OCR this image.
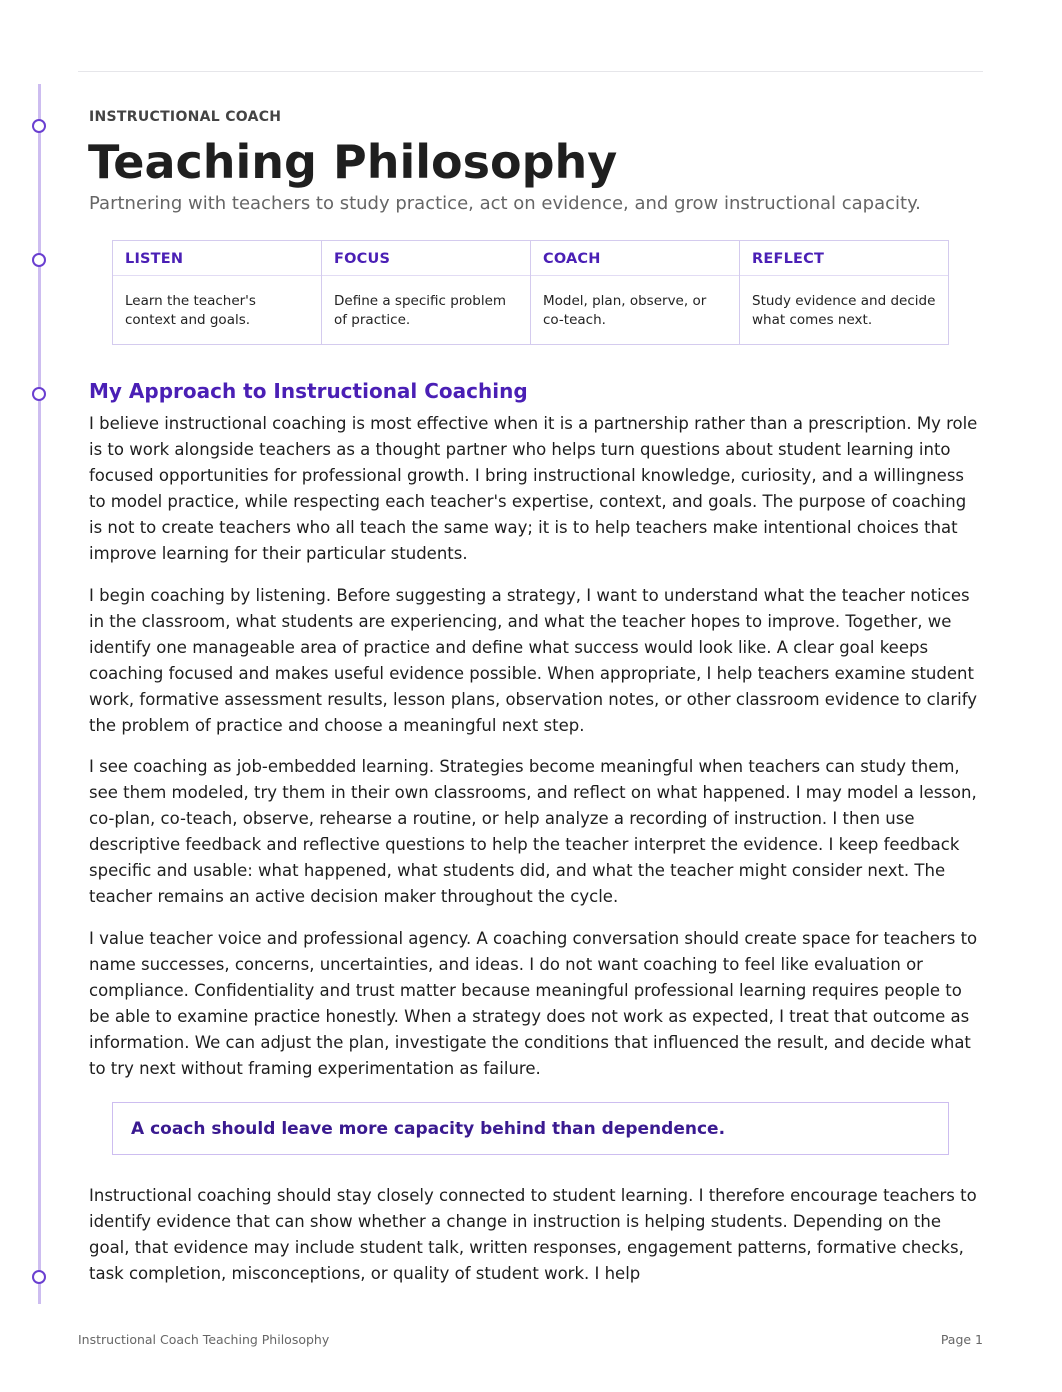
INSTRUCTIONAL COACH
Teaching Philosophy
Partnering with teachers to study practice, act on evidence, and grow instructional capacity.
LISTEN
Learn the teacher's context and goals.
FOCUS
Define a specific problem of practice.
COACH
Model, plan, observe, or co-teach.
REFLECT
Study evidence and decide what comes next.
My Approach to Instructional Coaching

I believe instructional coaching is most effective when it is a partnership rather than a prescription. My role is to work alongside teachers as a thought partner who helps turn questions about student learning into focused opportunities for professional growth. I bring instructional knowledge, curiosity, and a willingness to model practice, while respecting each teacher's expertise, context, and goals. The purpose of coaching is not to create teachers who all teach the same way; it is to help teachers make intentional choices that improve learning for their particular students.

I begin coaching by listening. Before suggesting a strategy, I want to understand what the teacher notices in the classroom, what students are experiencing, and what the teacher hopes to improve. Together, we identify one manageable area of practice and define what success would look like. A clear goal keeps coaching focused and makes useful evidence possible. When appropriate, I help teachers examine student work, formative assessment results, lesson plans, observation notes, or other classroom evidence to clarify the problem of practice and choose a meaningful next step.

I see coaching as job-embedded learning. Strategies become meaningful when teachers can study them, see them modeled, try them in their own classrooms, and reflect on what happened. I may model a lesson, co-plan, co-teach, observe, rehearse a routine, or help analyze a recording of instruction. I then use descriptive feedback and reflective questions to help the teacher interpret the evidence. I keep feedback specific and usable: what happened, what students did, and what the teacher might consider next. The teacher remains an active decision maker throughout the cycle.

I value teacher voice and professional agency. A coaching conversation should create space for teachers to name successes, concerns, uncertainties, and ideas. I do not want coaching to feel like evaluation or compliance. Confidentiality and trust matter because meaningful professional learning requires people to be able to examine practice honestly. When a strategy does not work as expected, I treat that outcome as information. We can adjust the plan, investigate the conditions that influenced the result, and decide what to try next without framing experimentation as failure.

A coach should leave more capacity behind than dependence.

Instructional coaching should stay closely connected to student learning. I therefore encourage teachers to identify evidence that can show whether a change in instruction is helping students. Depending on the goal, that evidence may include student talk, written responses, engagement patterns, formative checks, task completion, misconceptions, or quality of student work. I help

Instructional Coach Teaching Philosophy	Page 1
